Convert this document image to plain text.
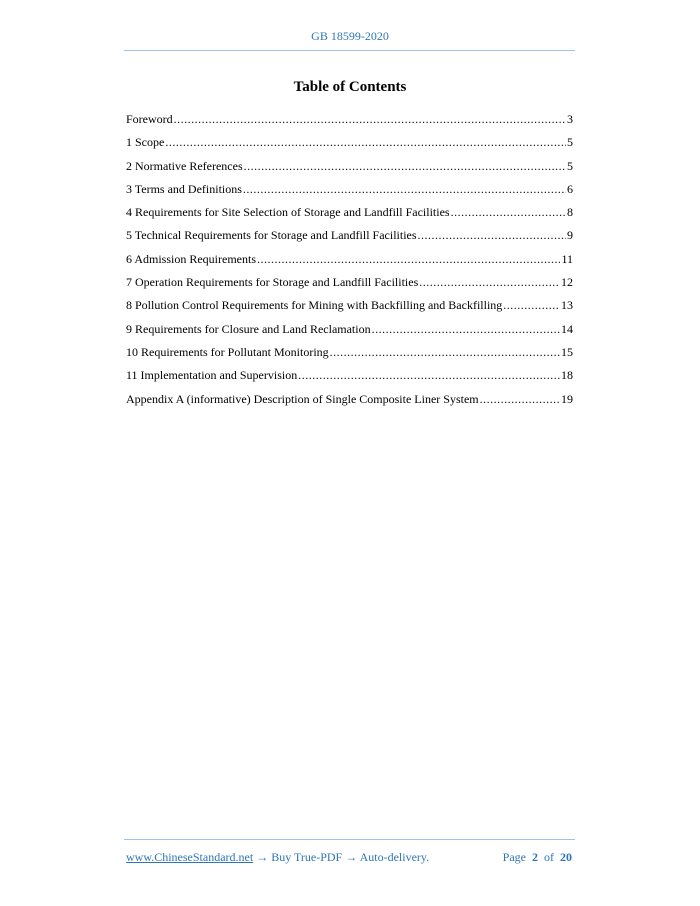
GB 18599-2020
Table of Contents
Foreword .....	3
1 Scope .....	5
2 Normative References .....	5
3 Terms and Definitions .....	6
4 Requirements for Site Selection of Storage and Landfill Facilities .....	8
5 Technical Requirements for Storage and Landfill Facilities .....	9
6 Admission Requirements .....	11
7 Operation Requirements for Storage and Landfill Facilities .....	12
8 Pollution Control Requirements for Mining with Backfilling and Backfilling .....	13
9 Requirements for Closure and Land Reclamation .....	14
10 Requirements for Pollutant Monitoring .....	15
11 Implementation and Supervision .....	18
Appendix A (informative) Description of Single Composite Liner System .....	19
www.ChineseStandard.net → Buy True-PDF → Auto-delivery.	Page 2 of 20
